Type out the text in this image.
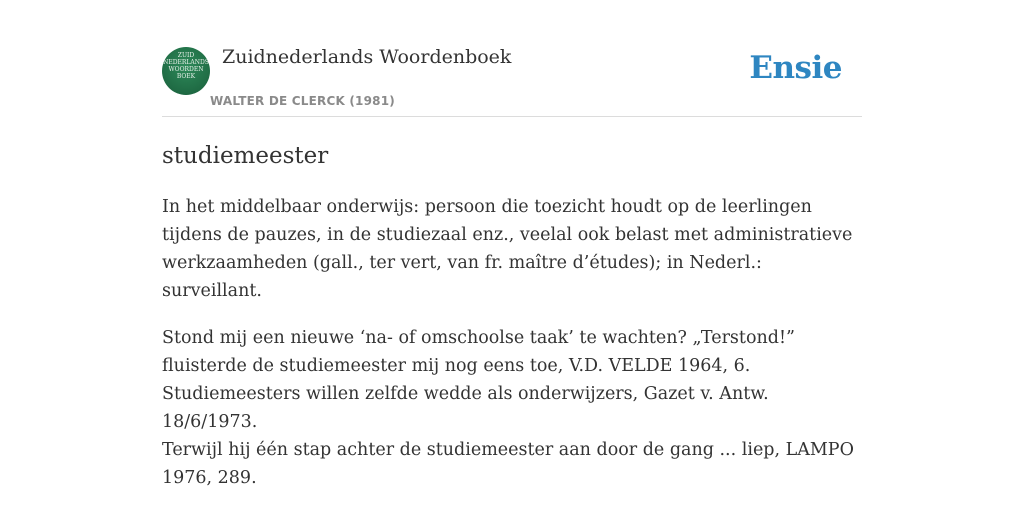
ZUID
NEDERLANDS
WOORDEN
BOEK
Zuidnederlands Woordenboek
WALTER DE CLERCK (1981)
Ensie
studiemeester

In het middelbaar onderwijs: persoon die toezicht houdt op de leerlingen tijdens de pauzes, in de studiezaal enz., veelal ook belast met administratieve werkzaamheden (gall., ter vert, van fr. maître d’études); in Nederl.: surveillant.

Stond mij een nieuwe ‘na- of omschoolse taak’ te wachten? „Terstond!” fluisterde de studiemeester mij nog eens toe, V.D. VELDE 1964, 6.

Studiemeesters willen zelfde wedde als onderwijzers, Gazet v. Antw. 18/6/1973.

Terwijl hij één stap achter de studiemeester aan door de gang ... liep, LAMPO 1976, 289.
